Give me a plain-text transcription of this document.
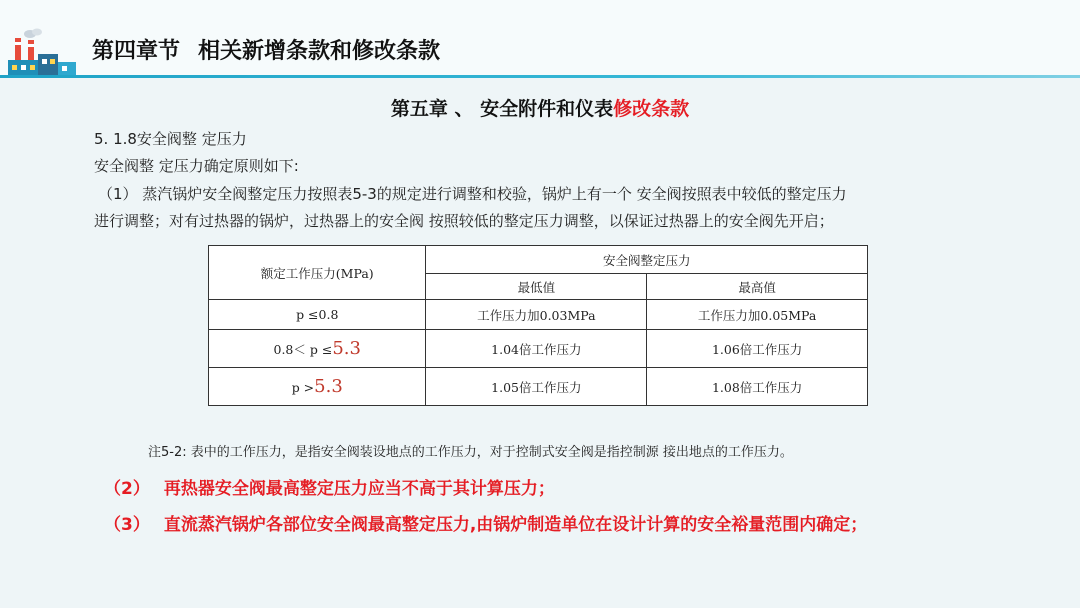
第四章节 相关新增条款和修改条款
第五章 、 安全附件和仪表修改条款
5. 1.8安全阀整 定压力
安全阀整 定压力确定原则如下:
（1） 蒸汽锅炉安全阀整定压力按照表5-3的规定进行调整和校验，锅炉上有一个 安全阀按照表中较低的整定压力
进行调整；对有过热器的锅炉，过热器上的安全阀 按照较低的整定压力调整，以保证过热器上的安全阀先开启；
额定工作压力(MPa)	安全阀整定压力	
	最低值	最高值
p ≤0.8	工作压力加0.03MPa	工作压力加0.05MPa
0.8＜ p ≤5.3	1.04倍工作压力	1.06倍工作压力
p >5.3	1.05倍工作压力	1.08倍工作压力
注5-2: 表中的工作压力，是指安全阀装设地点的工作压力，对于控制式安全阀是指控制源 接出地点的工作压力。
（2） 再热器安全阀最高整定压力应当不高于其计算压力；
（3） 直流蒸汽锅炉各部位安全阀最高整定压力,由锅炉制造单位在设计计算的安全裕量范围内确定；
